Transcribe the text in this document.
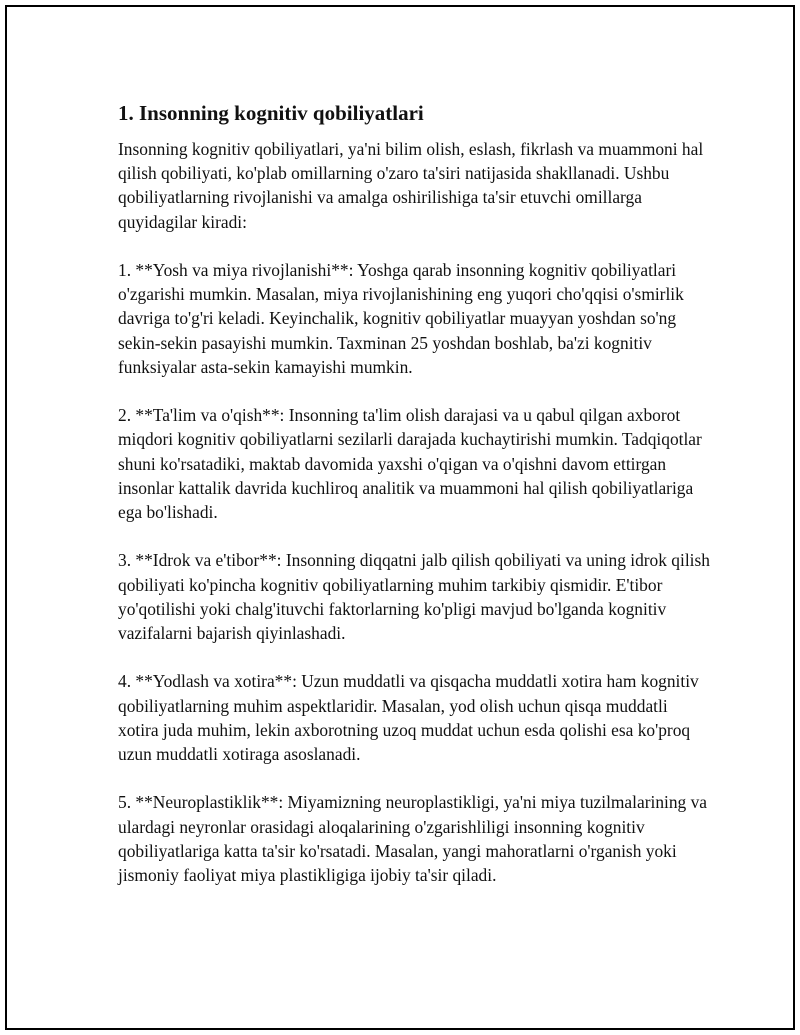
1. Insonning kognitiv qobiliyatlari

Insonning kognitiv qobiliyatlari, ya'ni bilim olish, eslash, fikrlash va muammoni hal qilish qobiliyati, ko'plab omillarning o'zaro ta'siri natijasida shakllanadi. Ushbu qobiliyatlarning rivojlanishi va amalga oshirilishiga ta'sir etuvchi omillarga quyidagilar kiradi:

1. **Yosh va miya rivojlanishi**: Yoshga qarab insonning kognitiv qobiliyatlari o'zgarishi mumkin. Masalan, miya rivojlanishining eng yuqori cho'qqisi o'smirlik davriga to'g'ri keladi. Keyinchalik, kognitiv qobiliyatlar muayyan yoshdan so'ng sekin-sekin pasayishi mumkin. Taxminan 25 yoshdan boshlab, ba'zi kognitiv funksiyalar asta-sekin kamayishi mumkin.

2. **Ta'lim va o'qish**: Insonning ta'lim olish darajasi va u qabul qilgan axborot miqdori kognitiv qobiliyatlarni sezilarli darajada kuchaytirishi mumkin. Tadqiqotlar shuni ko'rsatadiki, maktab davomida yaxshi o'qigan va o'qishni davom ettirgan insonlar kattalik davrida kuchliroq analitik va muammoni hal qilish qobiliyatlariga ega bo'lishadi.

3. **Idrok va e'tibor**: Insonning diqqatni jalb qilish qobiliyati va uning idrok qilish qobiliyati ko'pincha kognitiv qobiliyatlarning muhim tarkibiy qismidir. E'tibor yo'qotilishi yoki chalg'ituvchi faktorlarning ko'pligi mavjud bo'lganda kognitiv vazifalarni bajarish qiyinlashadi.

4. **Yodlash va xotira**: Uzun muddatli va qisqacha muddatli xotira ham kognitiv qobiliyatlarning muhim aspektlaridir. Masalan, yod olish uchun qisqa muddatli xotira juda muhim, lekin axborotning uzoq muddat uchun esda qolishi esa ko'proq uzun muddatli xotiraga asoslanadi.

5. **Neuroplastiklik**: Miyamizning neuroplastikligi, ya'ni miya tuzilmalarining va ulardagi neyronlar orasidagi aloqalarining o'zgarishliligi insonning kognitiv qobiliyatlariga katta ta'sir ko'rsatadi. Masalan, yangi mahoratlarni o'rganish yoki jismoniy faoliyat miya plastikligiga ijobiy ta'sir qiladi.
